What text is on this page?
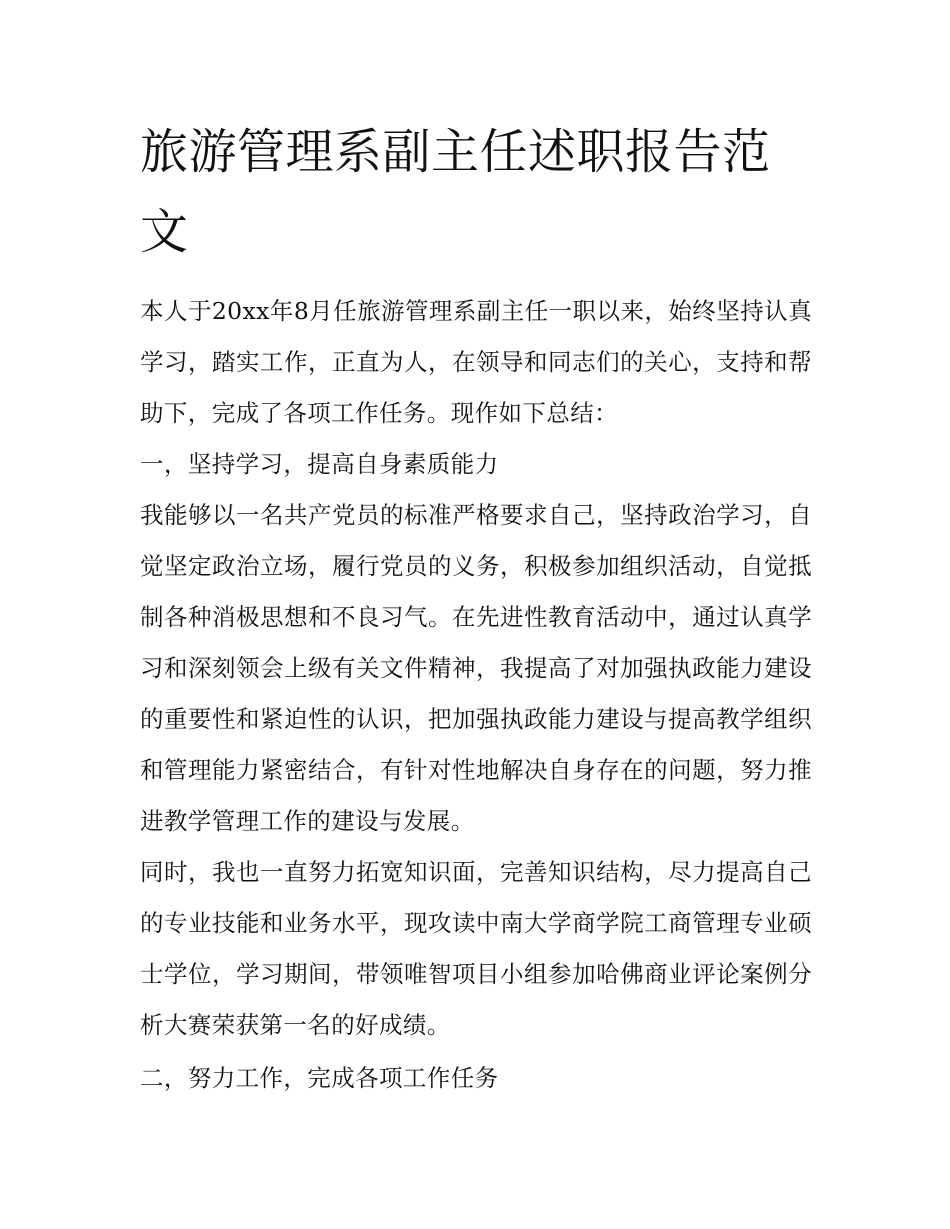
旅游管理系副主任述职报告范文

本人于20xx年8月任旅游管理系副主任一职以来，始终坚持认真学习，踏实工作，正直为人，在领导和同志们的关心，支持和帮助下，完成了各项工作任务。现作如下总结：

一，坚持学习，提高自身素质能力

我能够以一名共产党员的标准严格要求自己，坚持政治学习，自觉坚定政治立场，履行党员的义务，积极参加组织活动，自觉抵制各种消极思想和不良习气。在先进性教育活动中，通过认真学习和深刻领会上级有关文件精神，我提高了对加强执政能力建设的重要性和紧迫性的认识，把加强执政能力建设与提高教学组织和管理能力紧密结合，有针对性地解决自身存在的问题，努力推进教学管理工作的建设与发展。

同时，我也一直努力拓宽知识面，完善知识结构，尽力提高自己的专业技能和业务水平，现攻读中南大学商学院工商管理专业硕士学位，学习期间，带领唯智项目小组参加哈佛商业评论案例分析大赛荣获第一名的好成绩。

二，努力工作，完成各项工作任务
